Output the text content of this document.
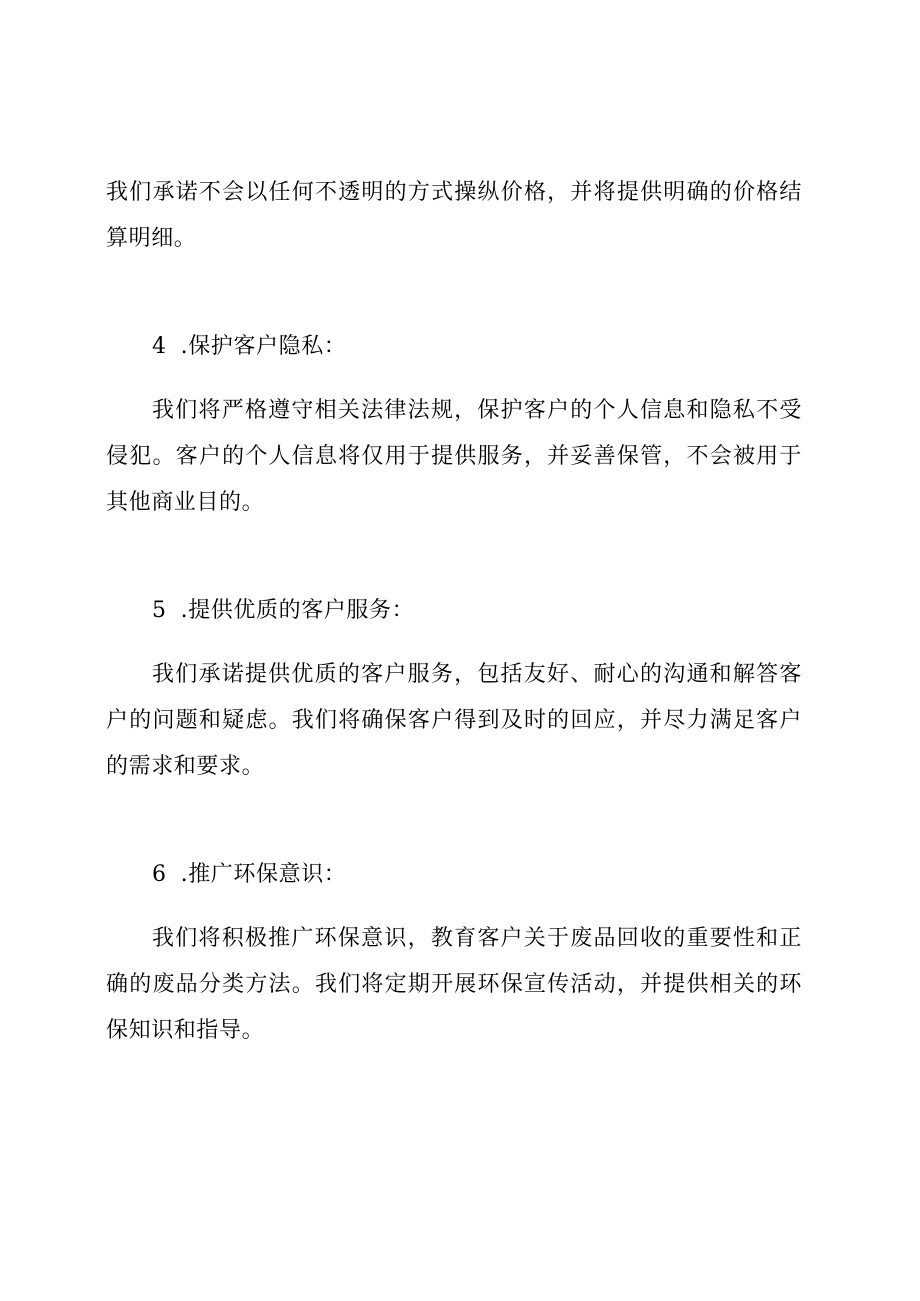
我们承诺不会以任何不透明的方式操纵价格，并将提供明确的价格结算明细。

4 .保护客户隐私：

我们将严格遵守相关法律法规，保护客户的个人信息和隐私不受侵犯。客户的个人信息将仅用于提供服务，并妥善保管，不会被用于其他商业目的。

5 .提供优质的客户服务：

我们承诺提供优质的客户服务，包括友好、耐心的沟通和解答客户的问题和疑虑。我们将确保客户得到及时的回应，并尽力满足客户的需求和要求。

6 .推广环保意识：

我们将积极推广环保意识，教育客户关于废品回收的重要性和正确的废品分类方法。我们将定期开展环保宣传活动，并提供相关的环保知识和指导。
